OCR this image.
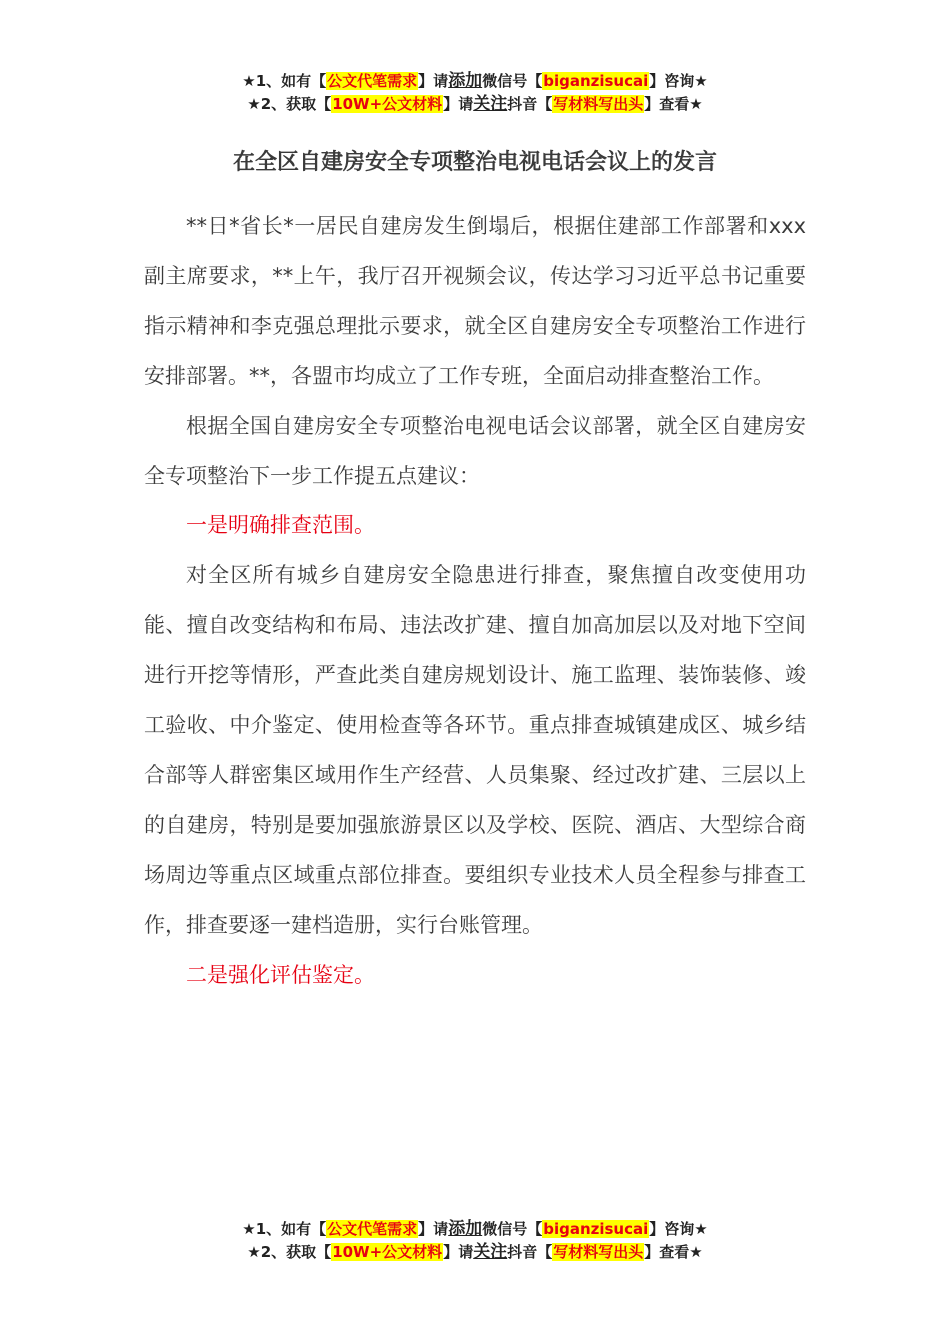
★1、如有【公文代笔需求】请添加微信号【biganzisucai】咨询★
★2、获取【10W+公文材料】请关注抖音【写材料写出头】查看★
在全区自建房安全专项整治电视电话会议上的发言

**日*省长*一居民自建房发生倒塌后，根据住建部工作部署和xxx副主席要求，**上午，我厅召开视频会议，传达学习习近平总书记重要指示精神和李克强总理批示要求，就全区自建房安全专项整治工作进行安排部署。**，各盟市均成立了工作专班，全面启动排查整治工作。

根据全国自建房安全专项整治电视电话会议部署，就全区自建房安全专项整治下一步工作提五点建议：

一是明确排查范围。

对全区所有城乡自建房安全隐患进行排查，聚焦擅自改变使用功能、擅自改变结构和布局、违法改扩建、擅自加高加层以及对地下空间进行开挖等情形，严查此类自建房规划设计、施工监理、装饰装修、竣工验收、中介鉴定、使用检查等各环节。重点排查城镇建成区、城乡结合部等人群密集区域用作生产经营、人员集聚、经过改扩建、三层以上的自建房，特别是要加强旅游景区以及学校、医院、酒店、大型综合商场周边等重点区域重点部位排查。要组织专业技术人员全程参与排查工作，排查要逐一建档造册，实行台账管理。

二是强化评估鉴定。

★1、如有【公文代笔需求】请添加微信号【biganzisucai】咨询★
★2、获取【10W+公文材料】请关注抖音【写材料写出头】查看★
